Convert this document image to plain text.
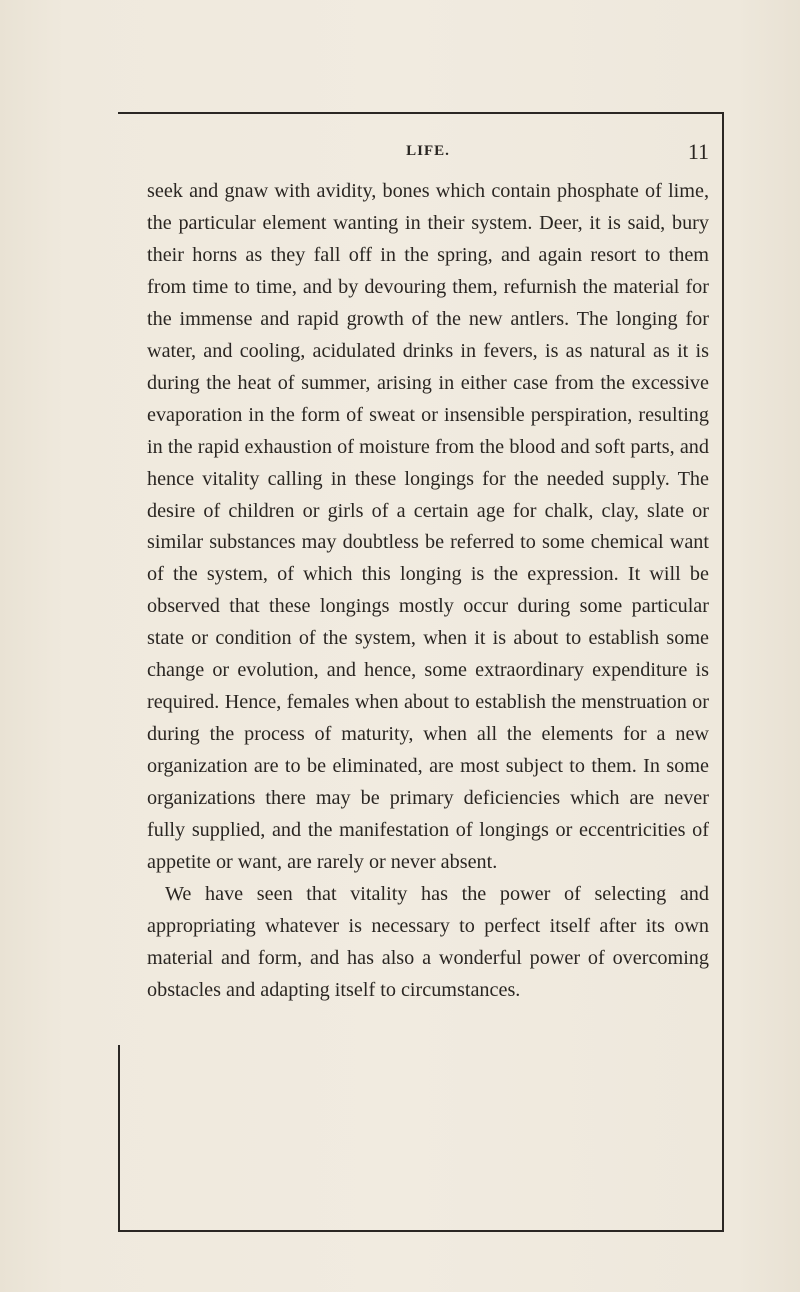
LIFE.	11

seek and gnaw with avidity, bones which contain phosphate of lime, the particular element wanting in their system. Deer, it is said, bury their horns as they fall off in the spring, and again resort to them from time to time, and by devouring them, refurnish the material for the immense and rapid growth of the new antlers. The longing for water, and cooling, acidulated drinks in fevers, is as natural as it is during the heat of summer, arising in either case from the excessive evaporation in the form of sweat or insensible perspiration, resulting in the rapid exhaustion of moisture from the blood and soft parts, and hence vitality calling in these longings for the needed supply. The desire of children or girls of a certain age for chalk, clay, slate or similar substances may doubtless be referred to some chemical want of the system, of which this longing is the expression. It will be observed that these longings mostly occur during some particular state or condition of the system, when it is about to establish some change or evolution, and hence, some extraordinary expenditure is required. Hence, females when about to establish the menstruation or during the process of maturity, when all the elements for a new organization are to be eliminated, are most subject to them. In some organizations there may be primary deficiencies which are never fully supplied, and the manifestation of longings or eccentricities of appetite or want, are rarely or never absent.

We have seen that vitality has the power of selecting and appropriating whatever is necessary to perfect itself after its own material and form, and has also a wonderful power of overcoming obstacles and adapting itself to circumstances.
